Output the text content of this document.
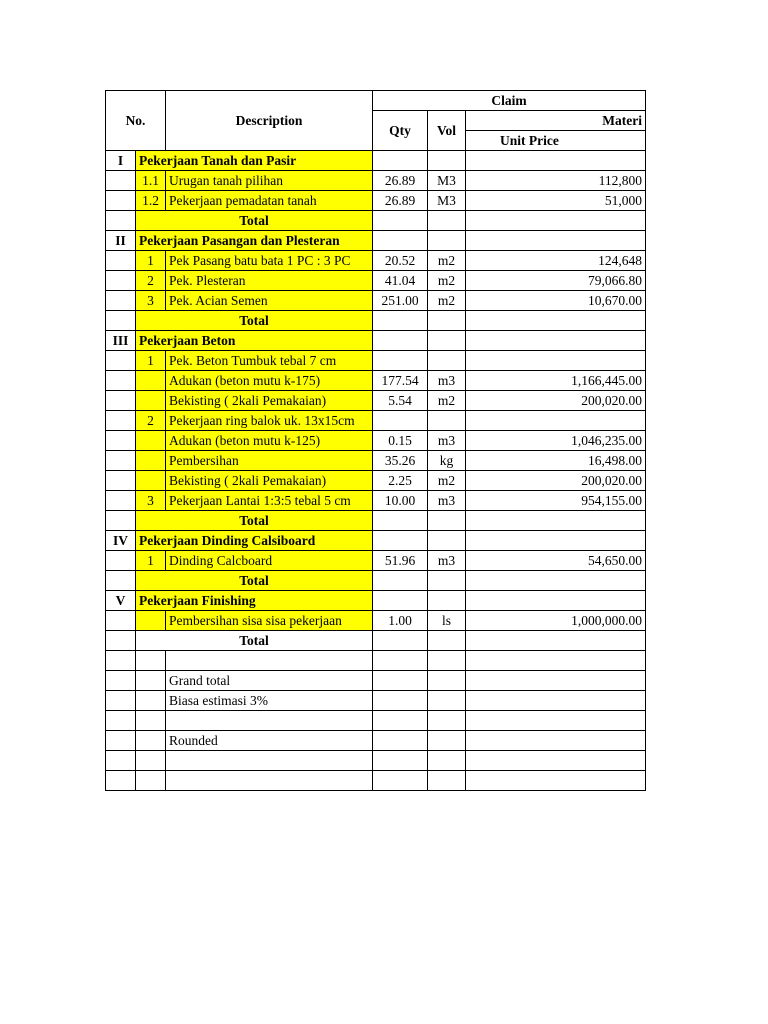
No.		Description	Claim		
			Qty	Vol	Materi
					Unit Price
I	Pekerjaan Tanah dan Pasir				
	1.1	Urugan tanah pilihan	26.89	M3	112,800
	1.2	Pekerjaan pemadatan tanah	26.89	M3	51,000
	Total				
II	Pekerjaan Pasangan dan Plesteran				
	1	Pek Pasang batu bata 1 PC : 3 PC	20.52	m2	124,648
	2	Pek. Plesteran	41.04	m2	79,066.80
	3	Pek. Acian Semen	251.00	m2	10,670.00
	Total				
III	Pekerjaan Beton				
	1	Pek. Beton Tumbuk tebal 7 cm			
		Adukan (beton mutu k-175)	177.54	m3	1,166,445.00
		Bekisting ( 2kali Pemakaian)	5.54	m2	200,020.00
	2	Pekerjaan ring balok uk. 13x15cm			
		Adukan (beton mutu k-125)	0.15	m3	1,046,235.00
		Pembersihan	35.26	kg	16,498.00
		Bekisting ( 2kali Pemakaian)	2.25	m2	200,020.00
	3	Pekerjaan Lantai 1:3:5 tebal 5 cm	10.00	m3	954,155.00
	Total				
IV	Pekerjaan Dinding Calsiboard				
	1	Dinding Calcboard	51.96	m3	54,650.00
	Total				
V	Pekerjaan Finishing				
		Pembersihan sisa sisa pekerjaan	1.00	ls	1,000,000.00
	Total				

		Grand total			
		Biasa estimasi 3%			

		Rounded			
